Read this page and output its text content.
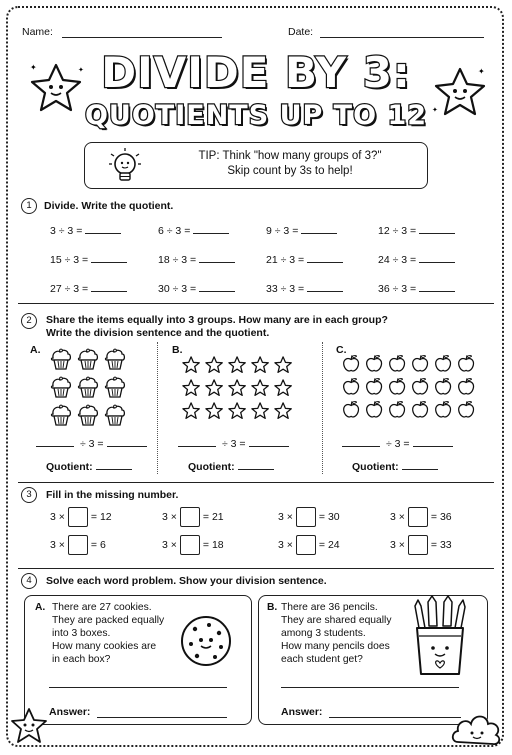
Name:	Date:
DIVIDE BY 3:
QUOTIENTS UP TO 12
✦	✦	✦
✦
TIP: Think "how many groups of 3?"
Skip count by 3s to help!
1	Divide. Write the quotient.
3 ÷ 3 =	6 ÷ 3 =	9 ÷ 3 =	12 ÷ 3 =
15 ÷ 3 =	18 ÷ 3 =	21 ÷ 3 =	24 ÷ 3 =
27 ÷ 3 =	30 ÷ 3 =	33 ÷ 3 =	36 ÷ 3 =
2	Share the items equally into 3 groups. How many are in each group?
Write the division sentence and the quotient.
A.
÷ 3 =
Quotient:
B.
÷ 3 =
Quotient:
C.
÷ 3 =
Quotient:
3	Fill in the missing number.
3 × = 12	3 × = 21	3 × = 30	3 × = 36
3 × = 6	3 × = 18	3 × = 24	3 × = 33
4	Solve each word problem. Show your division sentence.
A. There are 27 cookies.
They are packed equally
into 3 boxes.
How many cookies are
in each box?
Answer:
B. There are 36 pencils.
They are shared equally
among 3 students.
How many pencils does
each student get?
Answer:
